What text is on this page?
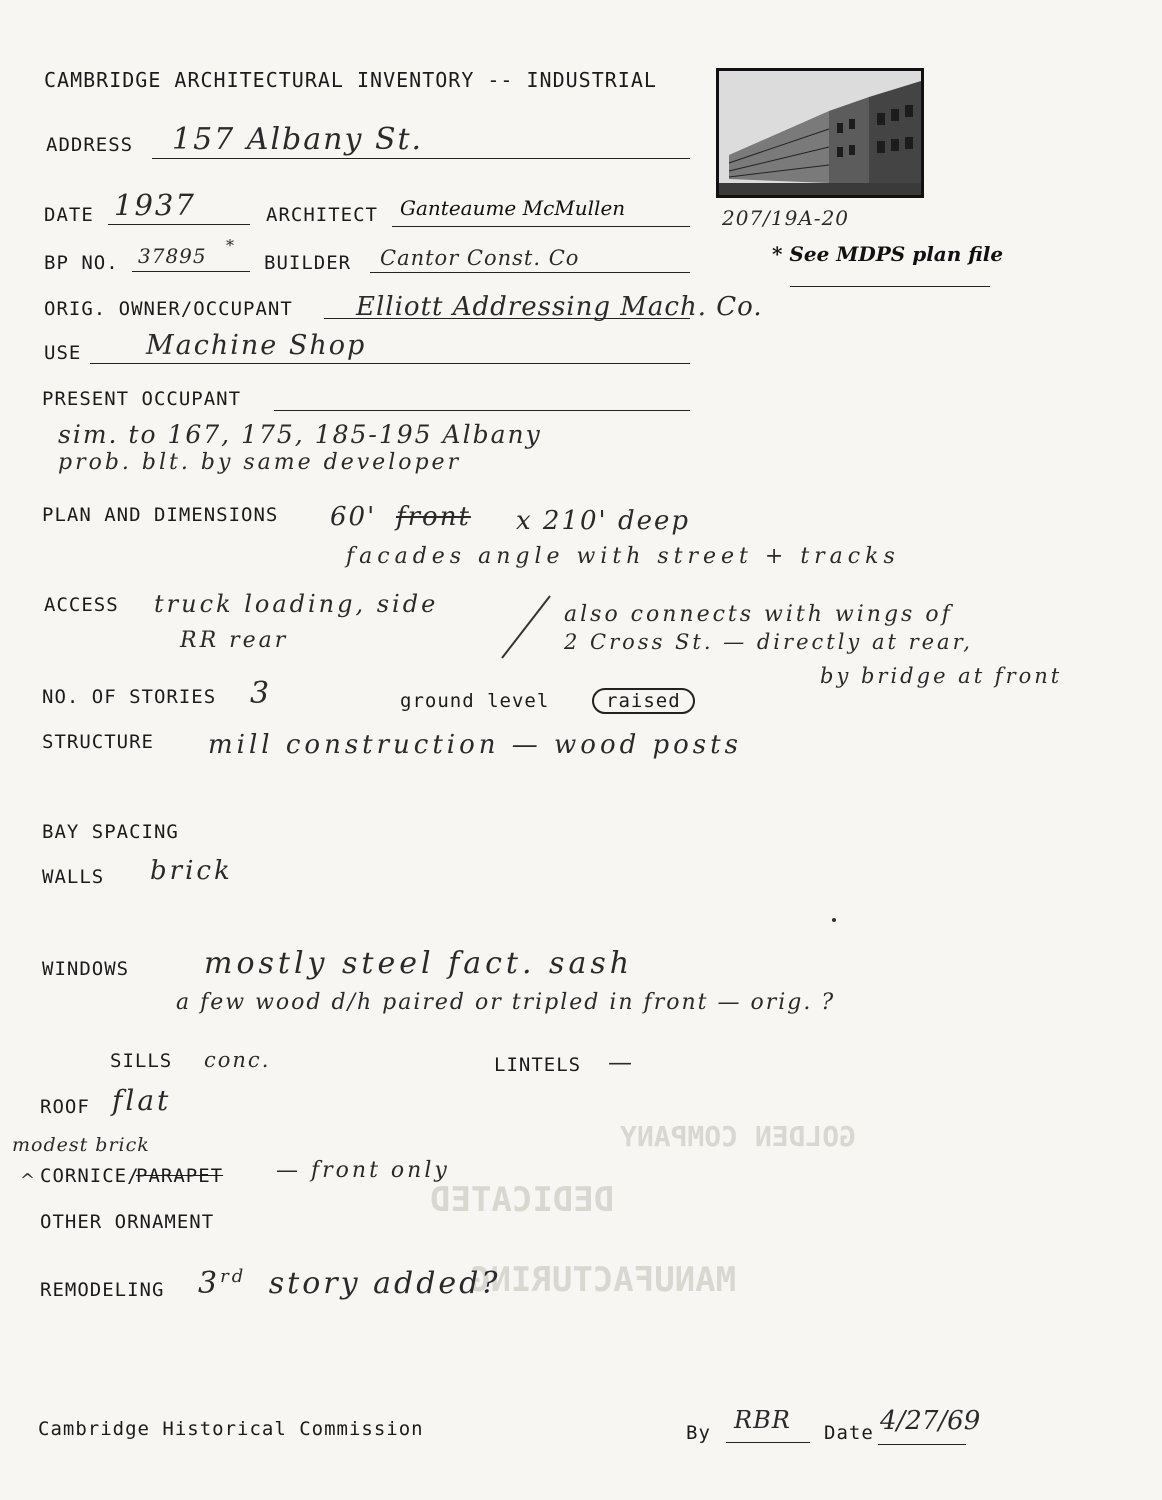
CAMBRIDGE ARCHITECTURAL INVENTORY -- INDUSTRIAL
ADDRESS 157 Albany St.
DATE 1937	ARCHITECT Ganteaume McMullen	207/19A-20
BP NO. 37895 *
BUILDER Cantor Const. Co	* See MDPS plan file
ORIG. OWNER/OCCUPANT Elliott Addressing Mach. Co.
USE Machine Shop
PRESENT OCCUPANT
sim. to 167, 175, 185-195 Albany
prob. blt. by same developer
PLAN AND DIMENSIONS 60' front x 210' deep
facades angle with street + tracks
ACCESS truck loading, side
RR rear
also connects with wings of
2 Cross St. — directly at rear,
by bridge at front
NO. OF STORIES 3	ground level	raised
STRUCTURE mill construction — wood posts
BAY SPACING
WALLS brick
WINDOWS mostly steel fact. sash
a few wood d/h paired or tripled in front — orig. ?
SILLS conc.	LINTELS —
GOLDEN COMPANY
DEDICATED
MANUFACTURING
ROOF flat
modest brick
^ CORNICE/
PARAPET — front only
OTHER ORNAMENT
REMODELING 3rd story added?
Cambridge Historical Commission	By RBR Date 4/27/69
